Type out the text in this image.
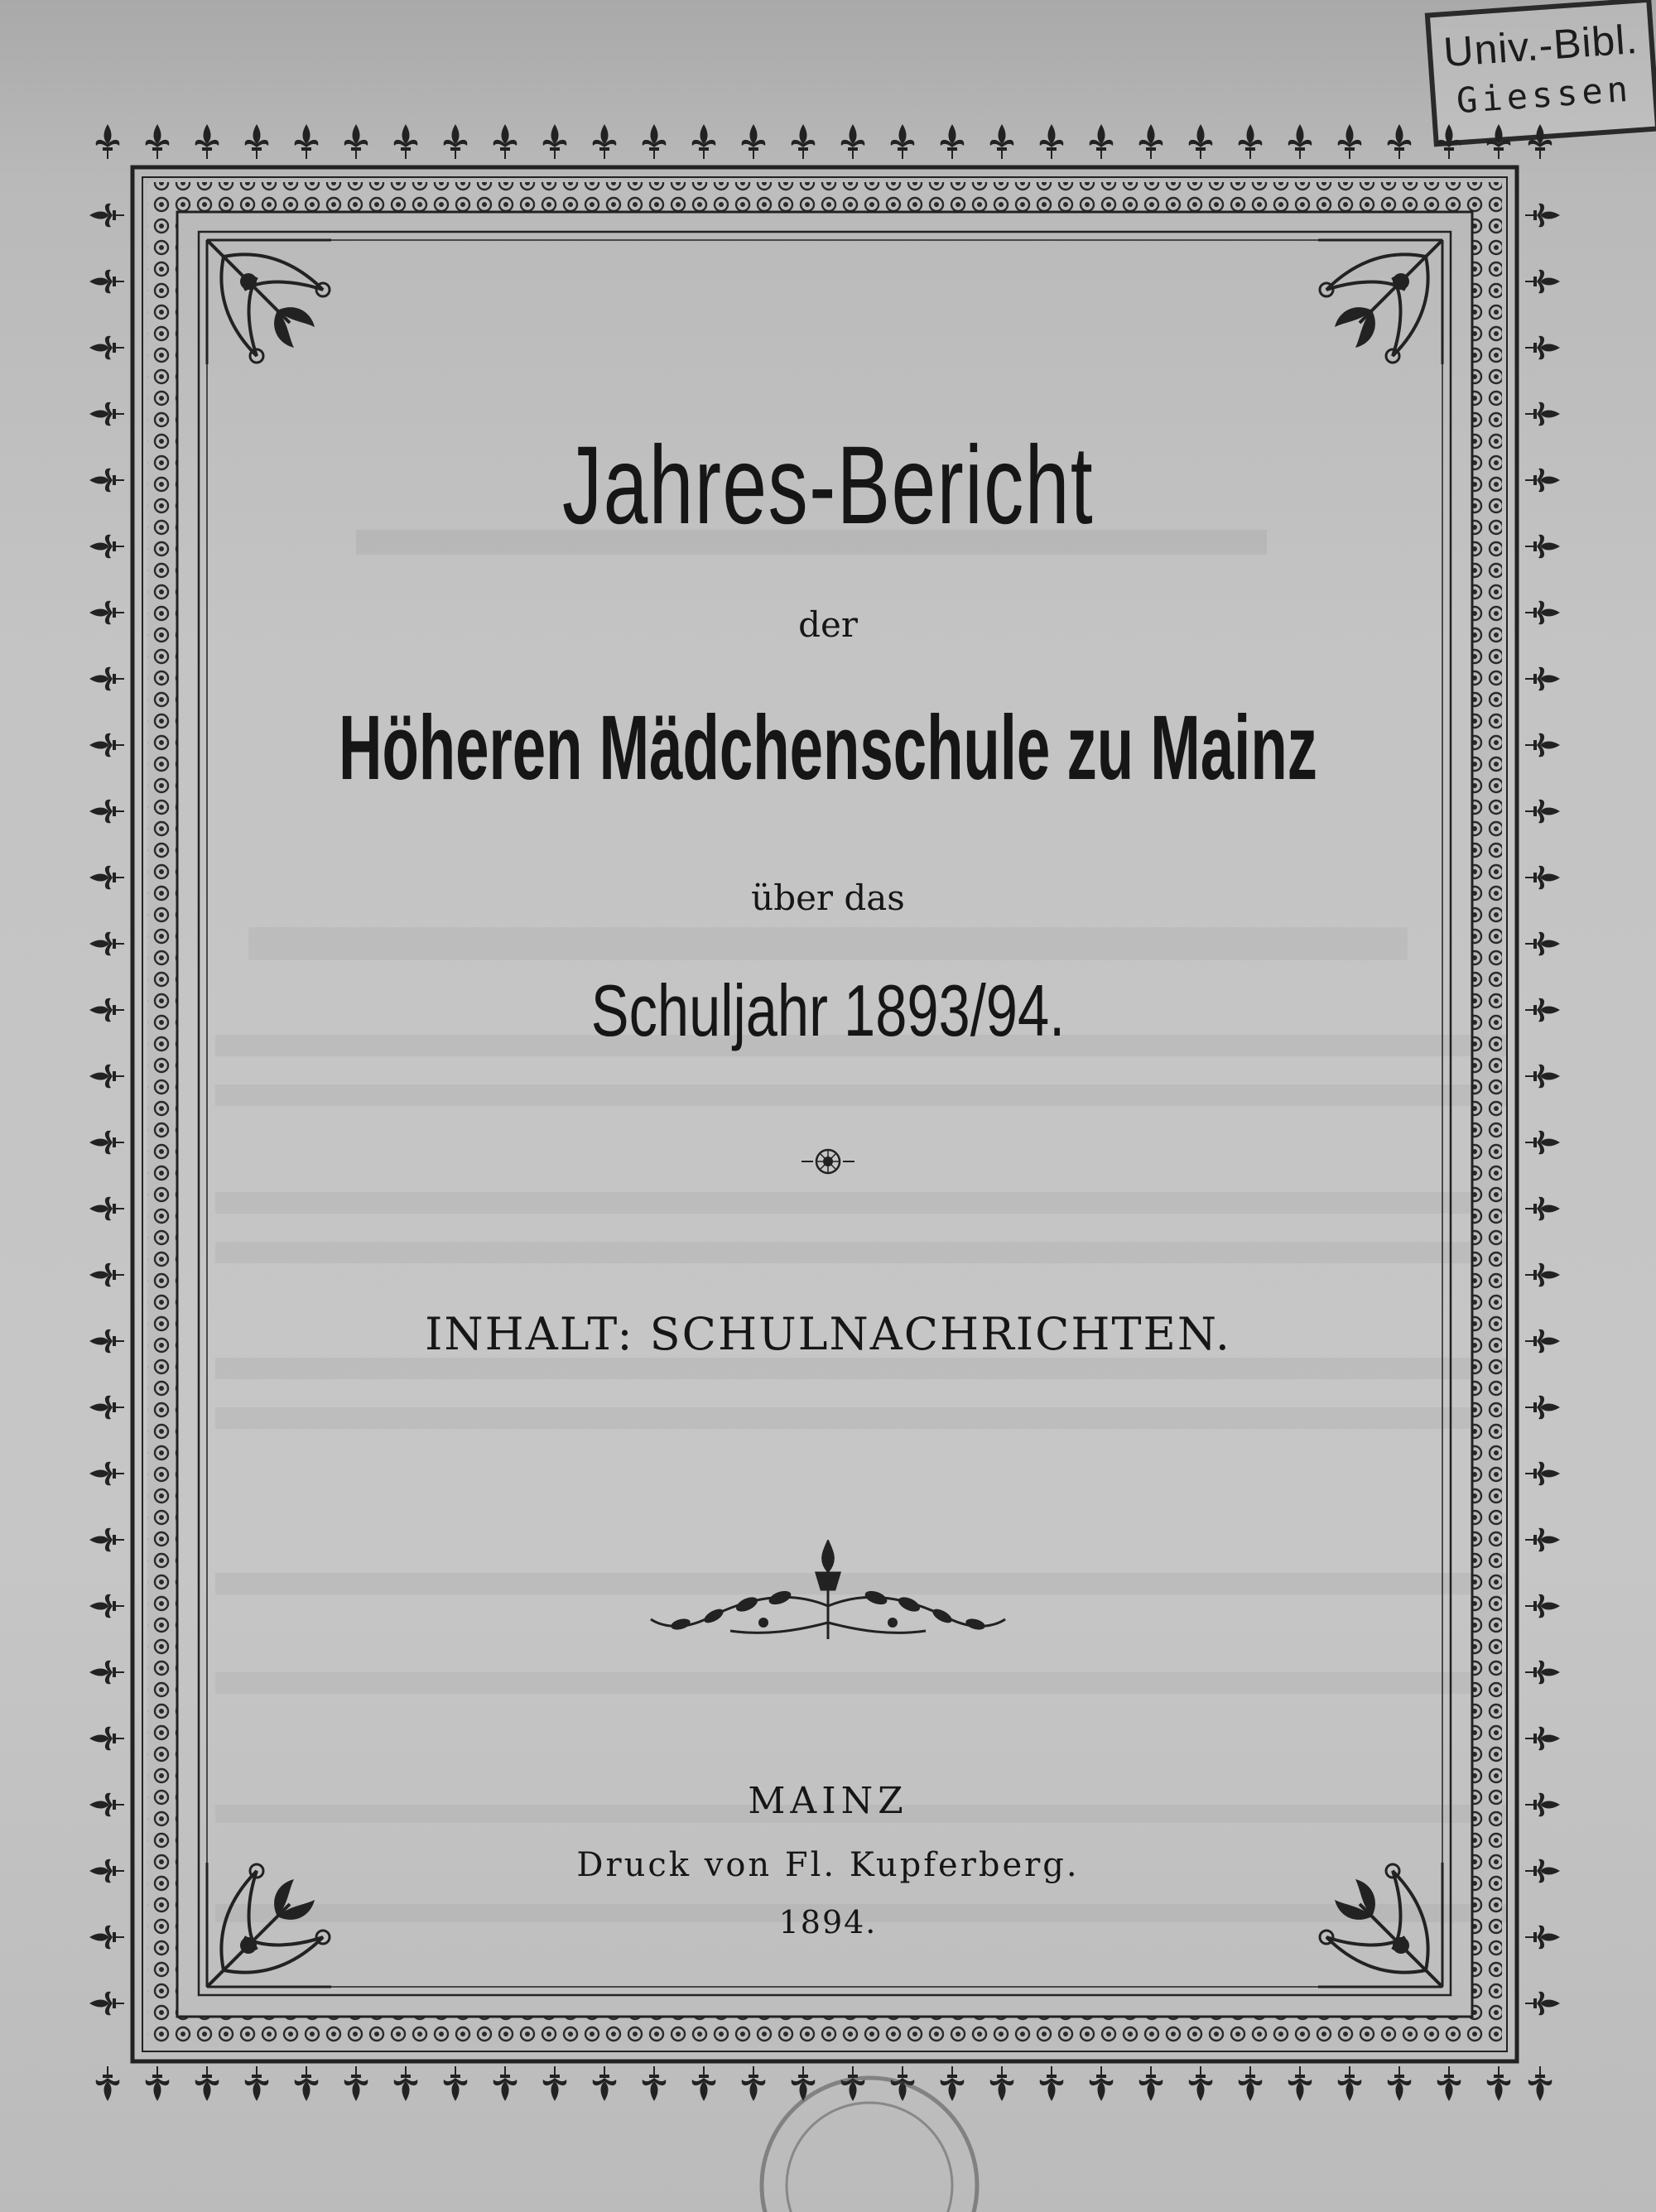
Univ.-Bibl.
Giessen
Jahres-Bericht
der
Höheren Mädchenschule zu Mainz
über das
Schuljahr 1893/94.
INHALT: SCHULNACHRICHTEN.
MAINZ
Druck von Fl. Kupferberg.
1894.
